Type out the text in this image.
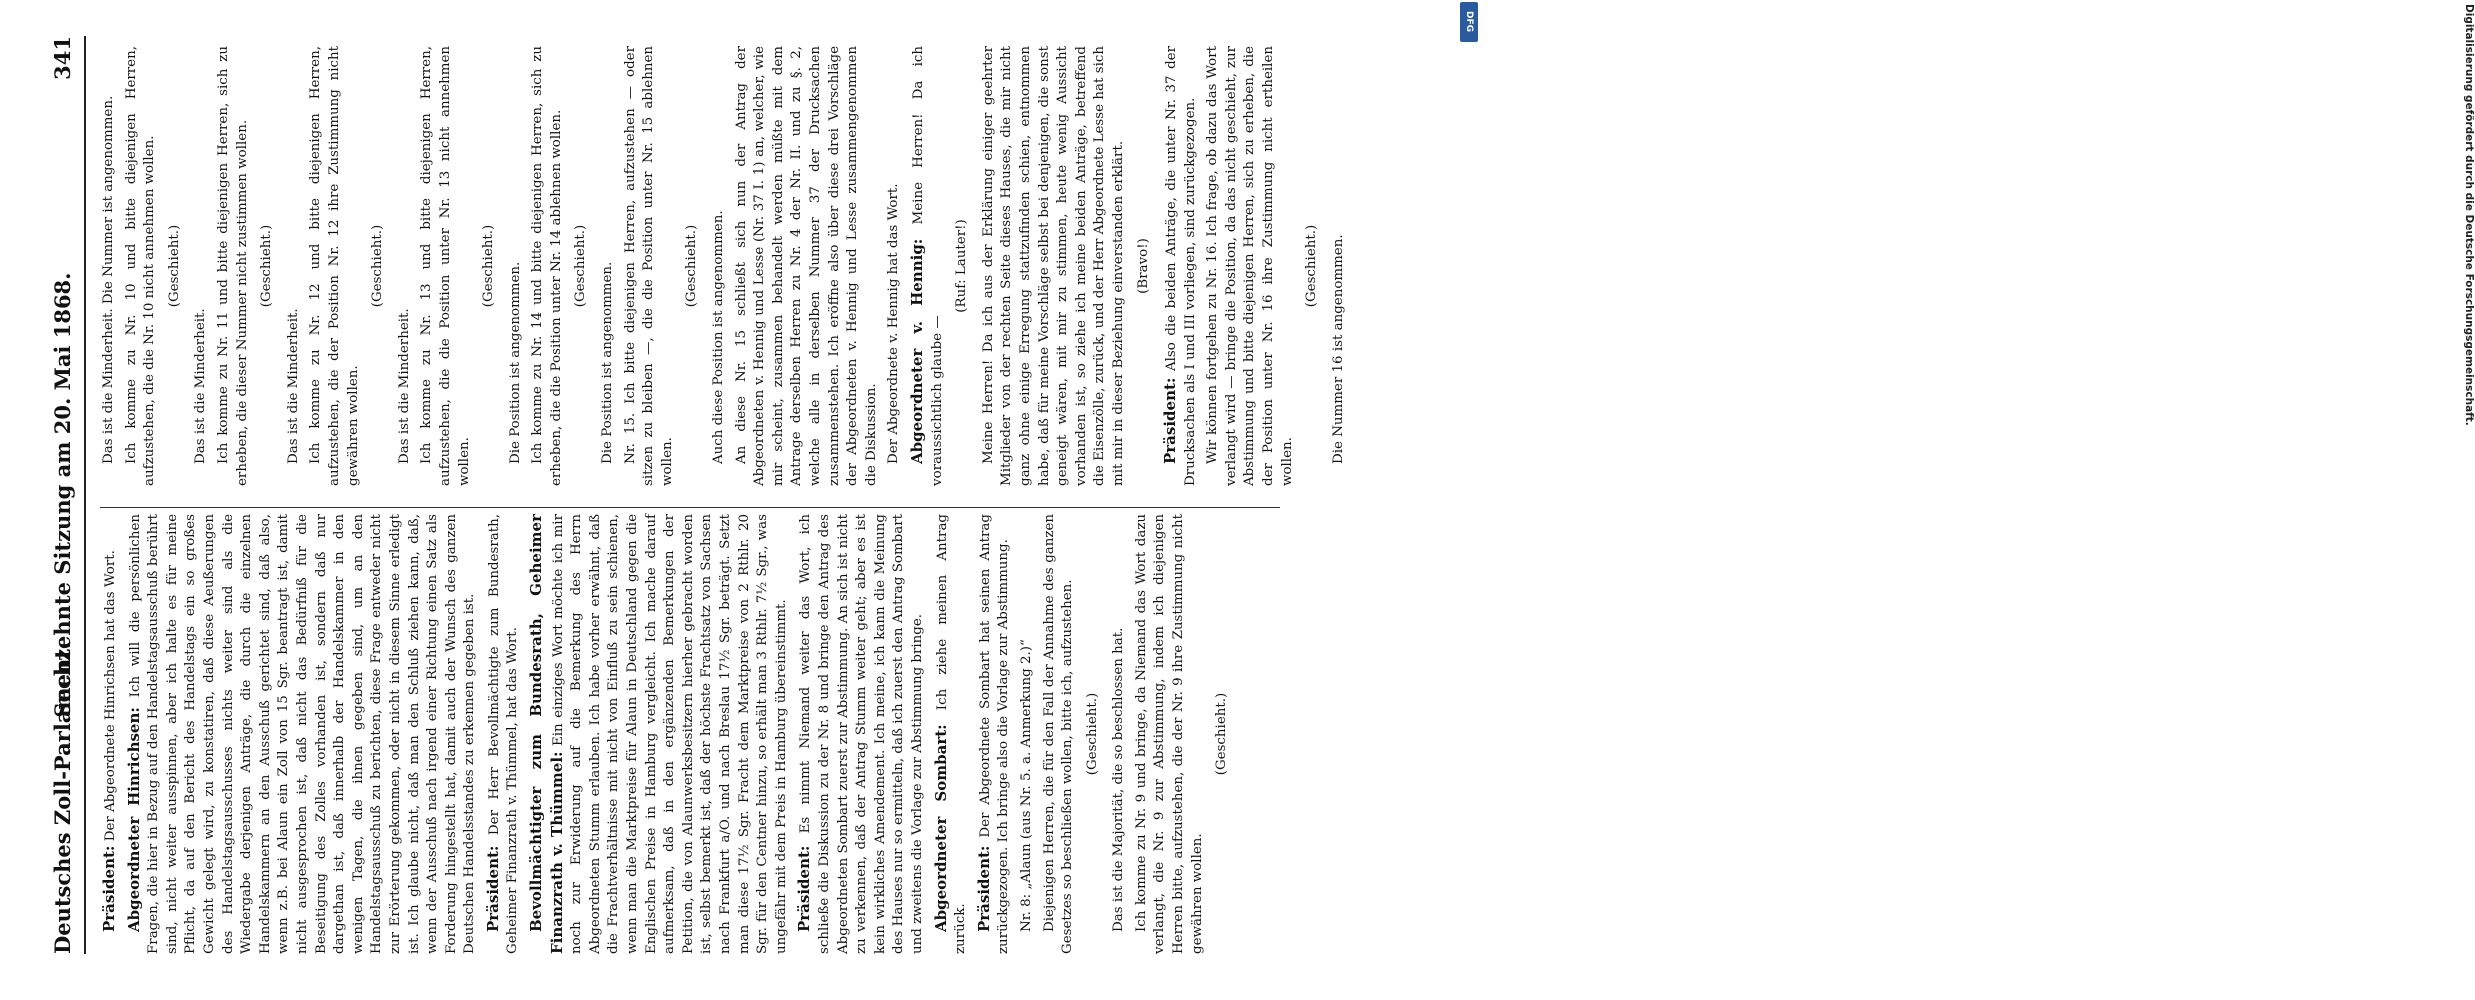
Deutsches Zoll-Parlament.
Sechzehnte Sitzung am 20. Mai 1868.
341

Präsident: Der Abgeordnete Hinrichsen hat das Wort. Abgeordneter Hinrichsen: Ich will die persönlichen Fragen, die hier in Bezug auf den Handelstagsausschuß berührt sind, nicht weiter ausspinnen, aber ich halte es für meine Pflicht, da auf den Bericht des Handelstags ein so großes Gewicht gelegt wird, zu konstatiren, daß diese Aeußerungen des Handelstagsausschusses nichts weiter sind als die Wiedergabe derjenigen Anträge, die durch die einzelnen Handelskammern an den Ausschuß gerichtet sind, daß also, wenn z.B. bei Alaun ein Zoll von 15 Sgr. beantragt ist, damit nicht ausgesprochen ist, daß nicht das Bedürfniß für die Beseitigung des Zolles vorhanden ist, sondern daß nur dargethan ist, daß innerhalb der Handelskammer in den wenigen Tagen, die ihnen gegeben sind, um an den Handelstagsausschuß zu berichten, diese Frage entweder nicht zur Erörterung gekommen, oder nicht in diesem Sinne erledigt ist. Ich glaube nicht, daß man den Schluß ziehen kann, daß, wenn der Ausschuß nach irgend einer Richtung einen Satz als Forderung hingestellt hat, damit auch der Wunsch des ganzen Deutschen Handelsstandes zu erkennen gegeben ist. Präsident: Der Herr Bevollmächtigte zum Bundesrath, Geheimer Finanzrath v. Thümmel, hat das Wort. Bevollmächtigter zum Bundesrath, Geheimer Finanzrath v. Thümmel: Ein einziges Wort möchte ich mir noch zur Erwiderung auf die Bemerkung des Herrn Abgeordneten Stumm erlauben. Ich habe vorher erwähnt, daß die Frachtverhältnisse mit nicht von Einfluß zu sein schienen, wenn man die Marktpreise für Alaun in Deutschland gegen die Englischen Preise in Hamburg vergleicht. Ich mache darauf aufmerksam, daß in den ergänzenden Bemerkungen der Petition, die von Alaunwerksbesitzern hierher gebracht worden ist, selbst bemerkt ist, daß der höchste Frachtsatz von Sachsen nach Frankfurt a/O. und nach Breslau 17½ Sgr. beträgt. Setzt man diese 17½ Sgr. Fracht dem Marktpreise von 2 Rthlr. 20 Sgr. für den Centner hinzu, so erhält man 3 Rthlr. 7½ Sgr., was ungefähr mit dem Preis in Hamburg übereinstimmt. Präsident: Es nimmt Niemand weiter das Wort, ich schließe die Diskussion zu der Nr. 8 und bringe den Antrag des Abgeordneten Sombart zuerst zur Abstimmung. An sich ist nicht zu verkennen, daß der Antrag Stumm weiter geht; aber es ist kein wirkliches Amendement. Ich meine, ich kann die Meinung des Hauses nur so ermitteln, daß ich zuerst den Antrag Sombart und zweitens die Vorlage zur Abstimmung bringe. Abgeordneter Sombart: Ich ziehe meinen Antrag zurück. Präsident: Der Abgeordnete Sombart hat seinen Antrag zurückgezogen. Ich bringe also die Vorlage zur Abstimmung. Nr. 8: „Alaun (aus Nr. 5. a. Anmerkung 2.)“ Diejenigen Herren, die für den Fall der Annahme des ganzen Gesetzes so beschließen wollen, bitte ich, aufzustehen. (Geschieht.) Das ist die Majorität, die so beschlossen hat. Ich komme zu Nr. 9 und bringe, da Niemand das Wort dazu verlangt, die Nr. 9 zur Abstimmung, indem ich diejenigen Herren bitte, aufzustehen, die der Nr. 9 ihre Zustimmung nicht gewähren wollen.

(Geschieht.)

Das ist die Minderheit. Die Nummer ist angenommen. Ich komme zu Nr. 10 und bitte diejenigen Herren, aufzustehen, die die Nr. 10 nicht annehmen wollen. (Geschieht.)

Das ist die Minderheit. Ich komme zu Nr. 11 und bitte diejenigen Herren, sich zu erheben, die dieser Nummer nicht zustimmen wollen. (Geschieht.)

Das ist die Minderheit. Ich komme zu Nr. 12 und bitte diejenigen Herren, aufzustehen, die der Position Nr. 12 ihre Zustimmung nicht gewähren wollen.

(Geschieht.)

Das ist die Minderheit. Ich komme zu Nr. 13 und bitte diejenigen Herren, aufzustehen, die die Position unter Nr. 13 nicht annehmen wollen.

(Geschieht.) Die Position ist angenommen. Ich komme zu Nr. 14 und bitte diejenigen Herren, sich zu erheben, die die Position unter Nr. 14 ablehnen wollen. (Geschieht.) Die Position ist angenommen. Nr. 15. Ich bitte diejenigen Herren, aufzustehen — oder sitzen zu bleiben —, die die Position unter Nr. 15 ablehnen wollen.

(Geschieht.) Auch diese Position ist angenommen. An diese Nr. 15 schließt sich nun der Antrag der Abgeordneten v. Hennig und Lesse (Nr. 37 I. 1) an, welcher, wie mir scheint, zusammen behandelt werden müßte mit dem Antrage derselben Herren zu Nr. 4 der Nr. II. und zu §. 2, welche alle in derselben Nummer 37 der Drucksachen zusammenstehen. Ich eröffne also über diese drei Vorschläge der Abgeordneten v. Hennig und Lesse zusammengenommen die Diskussion. Der Abgeordnete v. Hennig hat das Wort. Abgeordneter v. Hennig: Meine Herren! Da ich voraussichtlich glaube —

(Ruf: Lauter!) Meine Herren! Da ich aus der Erklärung einiger geehrter Mitglieder von der rechten Seite dieses Hauses, die mir nicht ganz ohne einige Erregung stattzufinden schien, entnommen habe, daß für meine Vorschläge selbst bei denjenigen, die sonst geneigt wären, mit mir zu stimmen, heute wenig Aussicht vorhanden ist, so ziehe ich meine beiden Anträge, betreffend die Eisenzölle, zurück, und der Herr Abgeordnete Lesse hat sich mit mir in dieser Beziehung einverstanden erklärt. (Bravo!)

Präsident: Also die beiden Anträge, die unter Nr. 37 der Drucksachen als I und III vorliegen, sind zurückgezogen. Wir können fortgehen zu Nr. 16. Ich frage, ob dazu das Wort verlangt wird — bringe die Position, da das nicht geschieht, zur Abstimmung und bitte diejenigen Herren, sich zu erheben, die der Position unter Nr. 16 ihre Zustimmung nicht ertheilen wollen.

(Geschieht.) Die Nummer 16 ist angenommen.	Digitalisierung gefördert durch die Deutsche Forschungsgemeinschaft.
DFG
